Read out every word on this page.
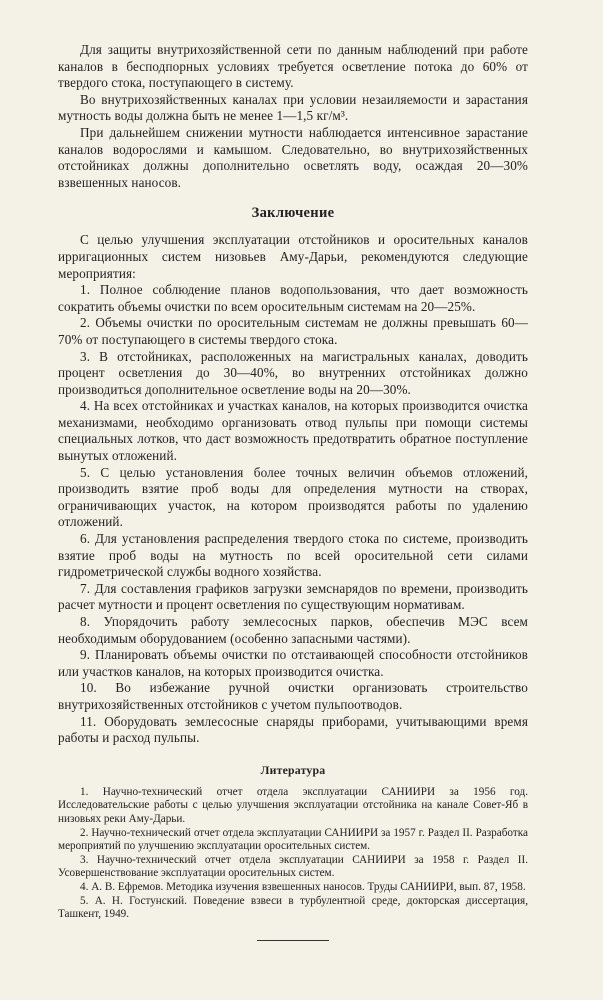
Для защиты внутрихозяйственной сети по данным наблюдений при работе каналов в бесподпорных условиях требуется осветление потока до 60% от твердого стока, поступающего в систему.

Во внутрихозяйственных каналах при условии незаиляемости и зарастания мутность воды должна быть не менее 1—1,5 кг/м³.

При дальнейшем снижении мутности наблюдается интенсивное зарастание каналов водорослями и камышом. Следовательно, во внутрихозяйственных отстойниках должны дополнительно осветлять воду, осаждая 20—30% взвешенных наносов.

Заключение

С целью улучшения эксплуатации отстойников и оросительных каналов ирригационных систем низовьев Аму-Дарьи, рекомендуются следующие мероприятия:

1. Полное соблюдение планов водопользования, что дает возможность сократить объемы очистки по всем оросительным системам на 20—25%.

2. Объемы очистки по оросительным системам не должны превышать 60—70% от поступающего в системы твердого стока.

3. В отстойниках, расположенных на магистральных каналах, доводить процент осветления до 30—40%, во внутренних отстойниках должно производиться дополнительное осветление воды на 20—30%.

4. На всех отстойниках и участках каналов, на которых производится очистка механизмами, необходимо организовать отвод пульпы при помощи системы специальных лотков, что даст возможность предотвратить обратное поступление вынутых отложений.

5. С целью установления более точных величин объемов отложений, производить взятие проб воды для определения мутности на створах, ограничивающих участок, на котором производятся работы по удалению отложений.

6. Для установления распределения твердого стока по системе, производить взятие проб воды на мутность по всей оросительной сети силами гидрометрической службы водного хозяйства.

7. Для составления графиков загрузки земснарядов по времени, производить расчет мутности и процент осветления по существующим нормативам.

8. Упорядочить работу землесосных парков, обеспечив МЭС всем необходимым оборудованием (особенно запасными частями).

9. Планировать объемы очистки по отстаивающей способности отстойников или участков каналов, на которых производится очистка.

10. Во избежание ручной очистки организовать строительство внутрихозяйственных отстойников с учетом пульпоотводов.

11. Оборудовать землесосные снаряды приборами, учитывающими время работы и расход пульпы.

Литература

1. Научно-технический отчет отдела эксплуатации САНИИРИ за 1956 год. Исследовательские работы с целью улучшения эксплуатации отстойника на канале Совет-Яб в низовьях реки Аму-Дарьи.

2. Научно-технический отчет отдела эксплуатации САНИИРИ за 1957 г. Раздел II. Разработка мероприятий по улучшению эксплуатации оросительных систем.

3. Научно-технический отчет отдела эксплуатации САНИИРИ за 1958 г. Раздел II. Усовершенствование эксплуатации оросительных систем.

4. А. В. Ефремов. Методика изучения взвешенных наносов. Труды САНИИРИ, вып. 87, 1958.

5. А. Н. Гостунский. Поведение взвеси в турбулентной среде, докторская диссертация, Ташкент, 1949.
